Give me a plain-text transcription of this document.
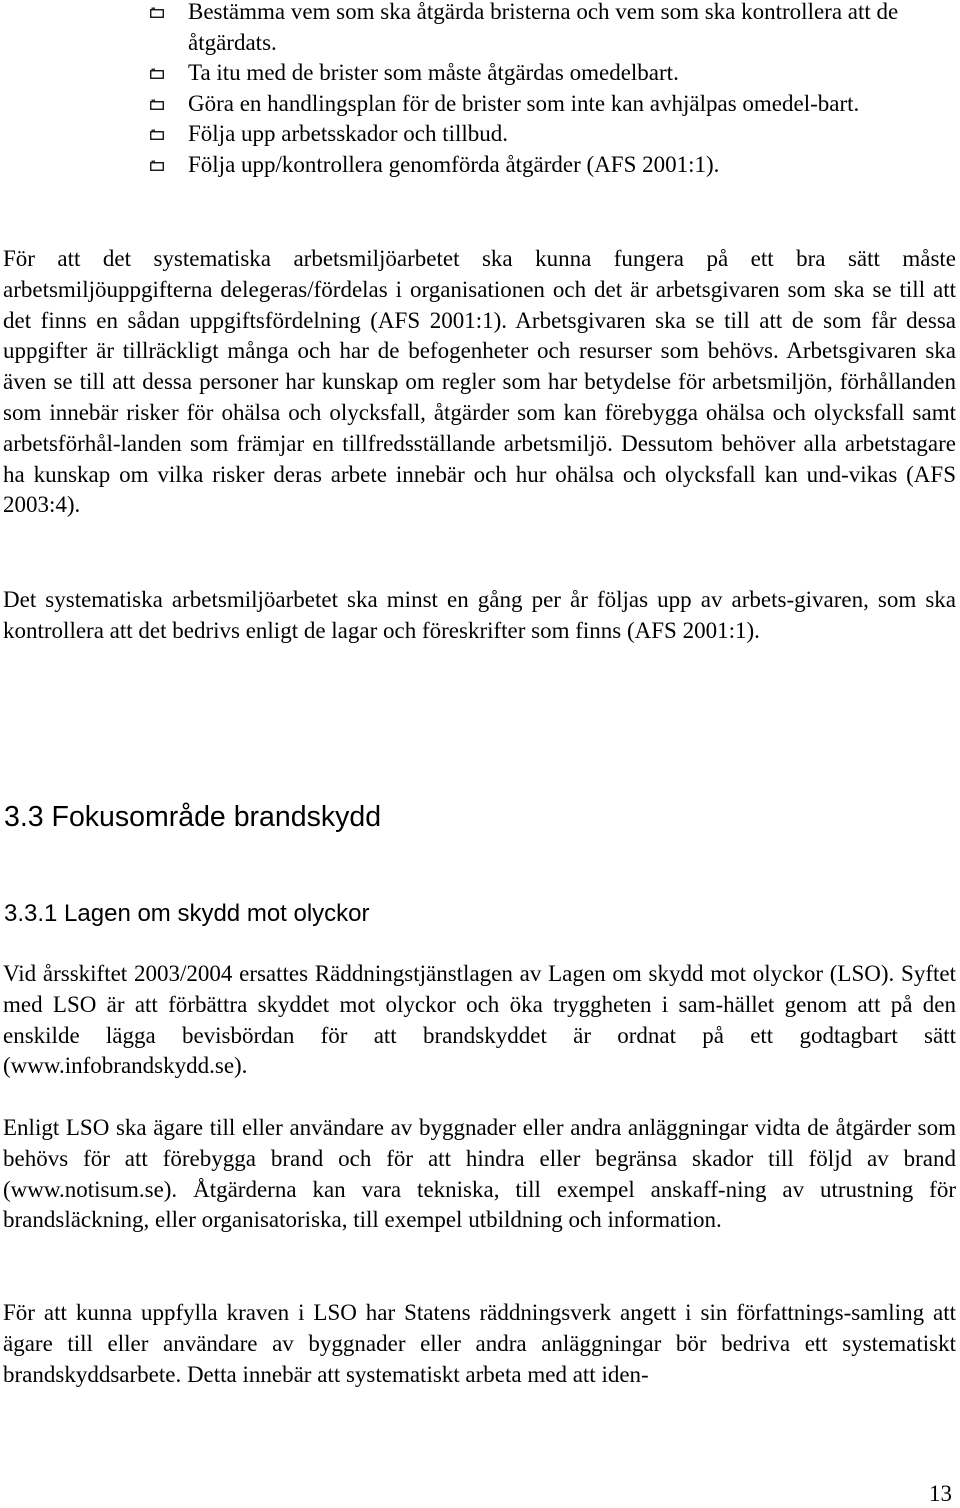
Bestämma vem som ska åtgärda bristerna och vem som ska kontrollera att de åtgärdats.
Ta itu med de brister som måste åtgärdas omedelbart.
Göra en handlingsplan för de brister som inte kan avhjälpas omedel-bart.
Följa upp arbetsskador och tillbud.
Följa upp/kontrollera genomförda åtgärder (AFS 2001:1).

För att det systematiska arbetsmiljöarbetet ska kunna fungera på ett bra sätt måste arbetsmiljöuppgifterna delegeras/fördelas i organisationen och det är arbetsgivaren som ska se till att det finns en sådan uppgiftsfördelning (AFS 2001:1). Arbetsgivaren ska se till att de som får dessa uppgifter är tillräckligt många och har de befogenheter och resurser som behövs. Arbetsgivaren ska även se till att dessa personer har kunskap om regler som har betydelse för arbetsmiljön, förhållanden som innebär risker för ohälsa och olycksfall, åtgärder som kan förebygga ohälsa och olycksfall samt arbetsförhål-landen som främjar en tillfredsställande arbetsmiljö. Dessutom behöver alla arbetstagare ha kunskap om vilka risker deras arbete innebär och hur ohälsa och olycksfall kan und-vikas (AFS 2003:4).

Det systematiska arbetsmiljöarbetet ska minst en gång per år följas upp av arbets-givaren, som ska kontrollera att det bedrivs enligt de lagar och föreskrifter som finns (AFS 2001:1).

3.3 Fokusområde brandskydd
3.3.1 Lagen om skydd mot olyckor

Vid årsskiftet 2003/2004 ersattes Räddningstjänstlagen av Lagen om skydd mot olyckor (LSO). Syftet med LSO är att förbättra skyddet mot olyckor och öka tryggheten i sam-hället genom att på den enskilde lägga bevisbördan för att brandskyddet är ordnat på ett godtagbart sätt (www.infobrandskydd.se).

Enligt LSO ska ägare till eller användare av byggnader eller andra anläggningar vidta de åtgärder som behövs för att förebygga brand och för att hindra eller begränsa skador till följd av brand (www.notisum.se). Åtgärderna kan vara tekniska, till exempel anskaff-ning av utrustning för brandsläckning, eller organisatoriska, till exempel utbildning och information.

För att kunna uppfylla kraven i LSO har Statens räddningsverk angett i sin författnings-samling att ägare till eller användare av byggnader eller andra anläggningar bör bedriva ett systematiskt brandskyddsarbete. Detta innebär att systematiskt arbeta med att iden-

13
